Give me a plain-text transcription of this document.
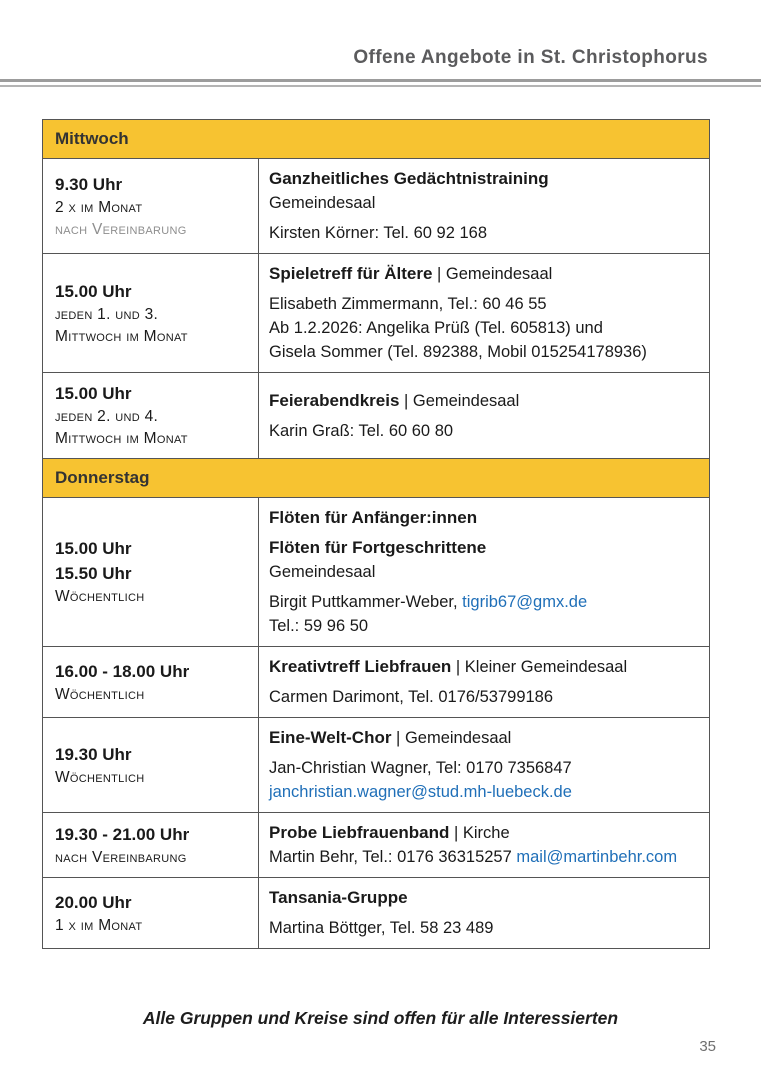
Offene Angebote in St. Christophorus
Mittwoch
9.30 Uhr
2 x im Monat
nach Vereinbarung
Ganzheitliches Gedächtnistraining
Gemeindesaal
Kirsten Körner: Tel. 60 92 168
15.00 Uhr
jeden 1. und 3.
Mittwoch im Monat
Spieletreff für Ältere | Gemeindesaal
Elisabeth Zimmermann, Tel.: 60 46 55
Ab 1.2.2026: Angelika Prüß (Tel. 605813) und
Gisela Sommer (Tel. 892388, Mobil 015254178936)
15.00 Uhr
jeden 2. und 4.
Mittwoch im Monat
Feierabendkreis | Gemeindesaal
Karin Graß: Tel. 60 60 80
Donnerstag
15.00 Uhr
15.50 Uhr
Wöchentlich
Flöten für Anfänger:innen
Flöten für Fortgeschrittene
Gemeindesaal
Birgit Puttkammer-Weber, tigrib67@gmx.de
Tel.: 59 96 50
16.00 - 18.00 Uhr
Wöchentlich
Kreativtreff Liebfrauen | Kleiner Gemeindesaal
Carmen Darimont, Tel. 0176/53799186
19.30 Uhr
Wöchentlich
Eine-Welt-Chor | Gemeindesaal
Jan-Christian Wagner, Tel: 0170 7356847
janchristian.wagner@stud.mh-luebeck.de
19.30 - 21.00 Uhr
nach Vereinbarung
Probe Liebfrauenband | Kirche
Martin Behr, Tel.: 0176 36315257 mail@martinbehr.com
20.00 Uhr
1 x im Monat
Tansania-Gruppe
Martina Böttger, Tel. 58 23 489
Alle Gruppen und Kreise sind offen für alle Interessierten
35
